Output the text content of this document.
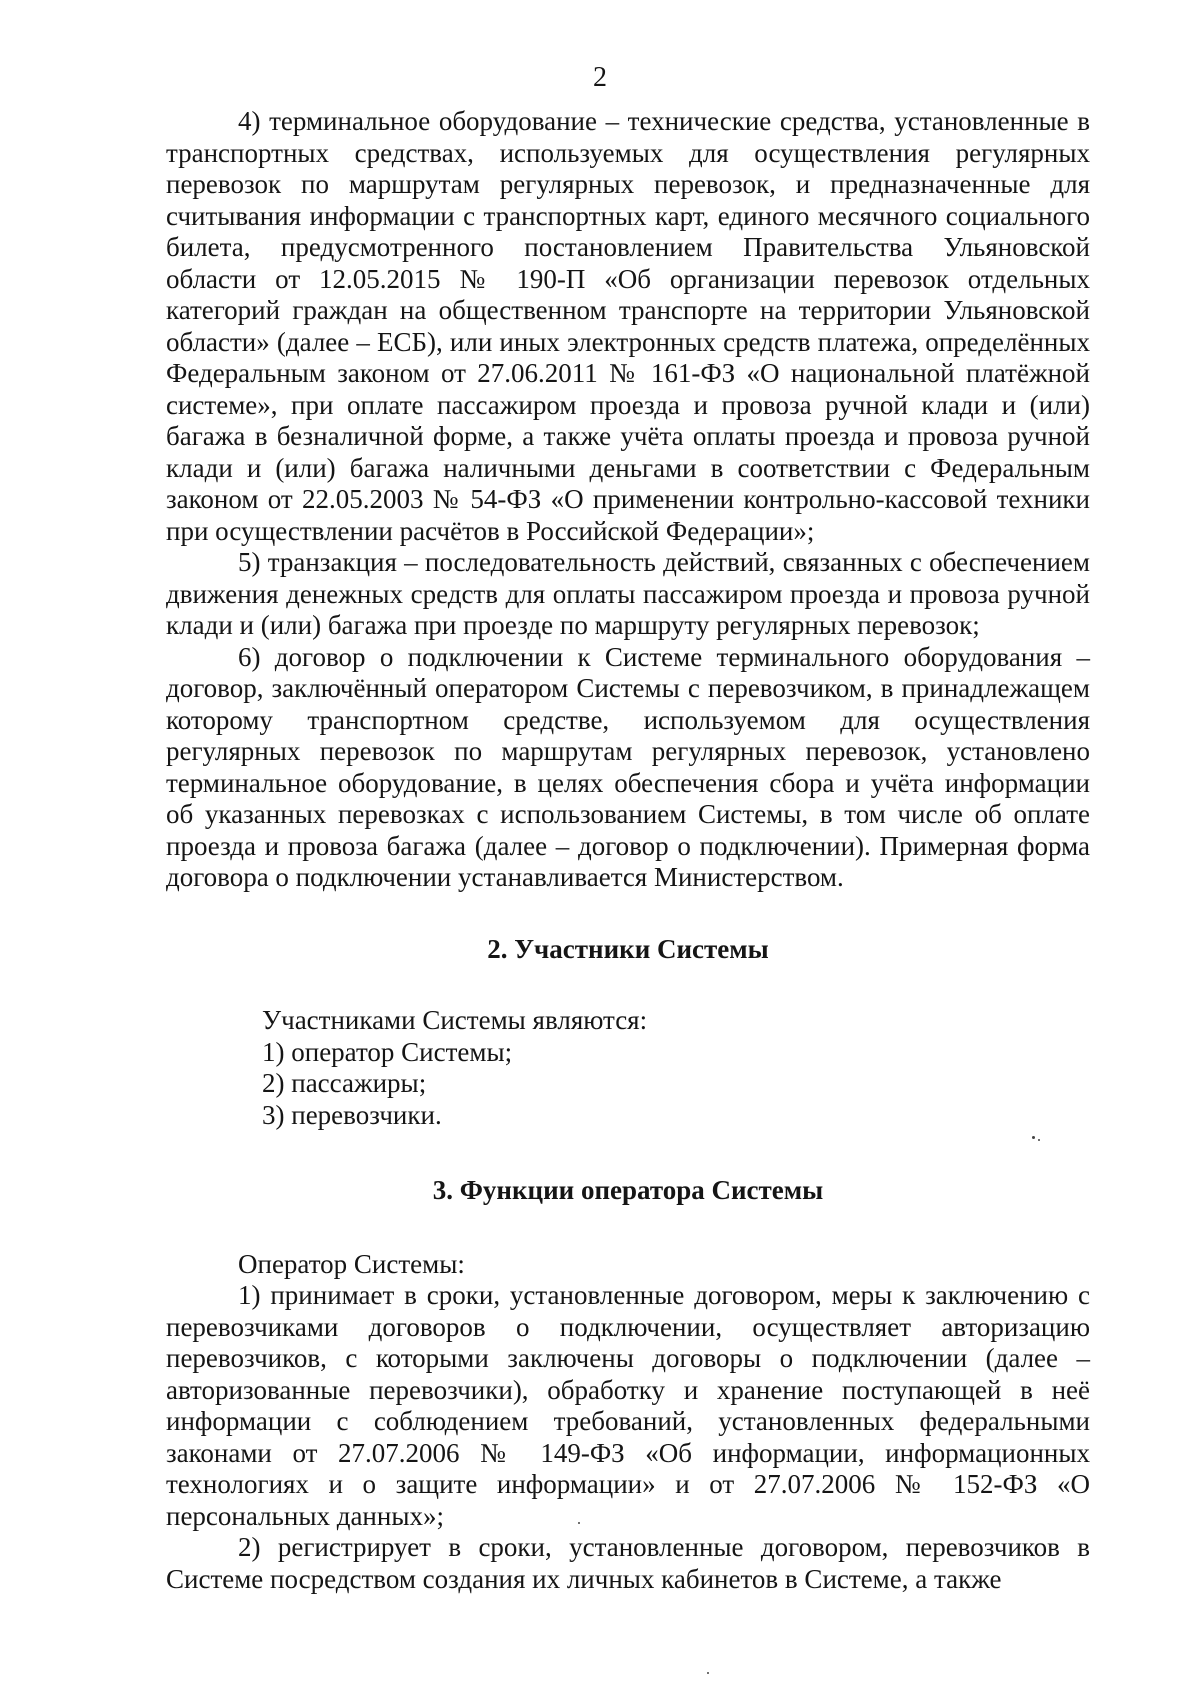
2

4) терминальное оборудование – технические средства, установленные в транспортных средствах, используемых для осуществления регулярных перевозок по маршрутам регулярных перевозок, и предназначенные для считывания информации с транспортных карт, единого месячного социального билета, предусмотренного постановлением Правительства Ульяновской области от 12.05.2015 № 190-П «Об организации перевозок отдельных категорий граждан на общественном транспорте на территории Ульяновской области» (далее – ЕСБ), или иных электронных средств платежа, определённых Федеральным законом от 27.06.2011 № 161-ФЗ «О национальной платёжной системе», при оплате пассажиром проезда и провоза ручной клади и (или) багажа в безналичной форме, а также учёта оплаты проезда и провоза ручной клади и (или) багажа наличными деньгами в соответствии с Федеральным законом от 22.05.2003 № 54-ФЗ «О применении контрольно-кассовой техники при осуществлении расчётов в Российской Федерации»;

5) транзакция – последовательность действий, связанных с обеспечением движения денежных средств для оплаты пассажиром проезда и провоза ручной клади и (или) багажа при проезде по маршруту регулярных перевозок;

6) договор о подключении к Системе терминального оборудования – договор, заключённый оператором Системы с перевозчиком, в принадлежащем которому транспортном средстве, используемом для осуществления регулярных перевозок по маршрутам регулярных перевозок, установлено терминальное оборудование, в целях обеспечения сбора и учёта информации об указанных перевозках с использованием Системы, в том числе об оплате проезда и провоза багажа (далее – договор о подключении). Примерная форма договора о подключении устанавливается Министерством.

2. Участники Системы

Участниками Системы являются:

1) оператор Системы;

2) пассажиры;

3) перевозчики.

3. Функции оператора Системы

Оператор Системы:

1) принимает в сроки, установленные договором, меры к заключению с перевозчиками договоров о подключении, осуществляет авторизацию перевозчиков, с которыми заключены договоры о подключении (далее – авторизованные перевозчики), обработку и хранение поступающей в неё информации с соблюдением требований, установленных федеральными законами от 27.07.2006 № 149-ФЗ «Об информации, информационных технологиях и о защите информации» и от 27.07.2006 № 152-ФЗ «О персональных данных»;

2) регистрирует в сроки, установленные договором, перевозчиков в Системе посредством создания их личных кабинетов в Системе, а также
